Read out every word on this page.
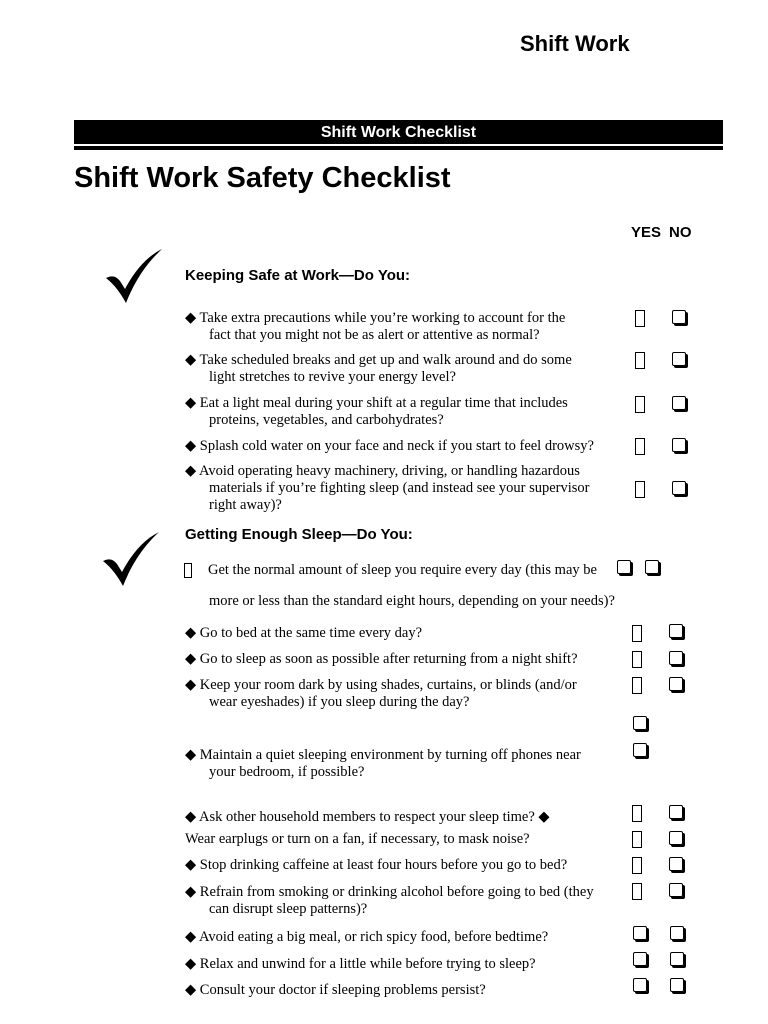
Shift Work
Shift Work Checklist
Shift Work Safety Checklist
YES NO
Keeping Safe at Work—Do You:
◆ Take extra precautions while you’re working to account for the
fact that you might not be as alert or attentive as normal?
◆ Take scheduled breaks and get up and walk around and do some
light stretches to revive your energy level?
◆ Eat a light meal during your shift at a regular time that includes
proteins, vegetables, and carbohydrates?
◆ Splash cold water on your face and neck if you start to feel drowsy?
◆ Avoid operating heavy machinery, driving, or handling hazardous
materials if you’re fighting sleep (and instead see your supervisor
right away)?
Getting Enough Sleep—Do You:
Get the normal amount of sleep you require every day (this may be
more or less than the standard eight hours, depending on your needs)?
◆ Go to bed at the same time every day?
◆ Go to sleep as soon as possible after returning from a night shift?
◆ Keep your room dark by using shades, curtains, or blinds (and/or
wear eyeshades) if you sleep during the day?
◆ Maintain a quiet sleeping environment by turning off phones near
your bedroom, if possible?
◆ Ask other household members to respect your sleep time? ◆
Wear earplugs or turn on a fan, if necessary, to mask noise?
◆ Stop drinking caffeine at least four hours before you go to bed?
◆ Refrain from smoking or drinking alcohol before going to bed (they
can disrupt sleep patterns)?
◆ Avoid eating a big meal, or rich spicy food, before bedtime?
◆ Relax and unwind for a little while before trying to sleep?
◆ Consult your doctor if sleeping problems persist?
